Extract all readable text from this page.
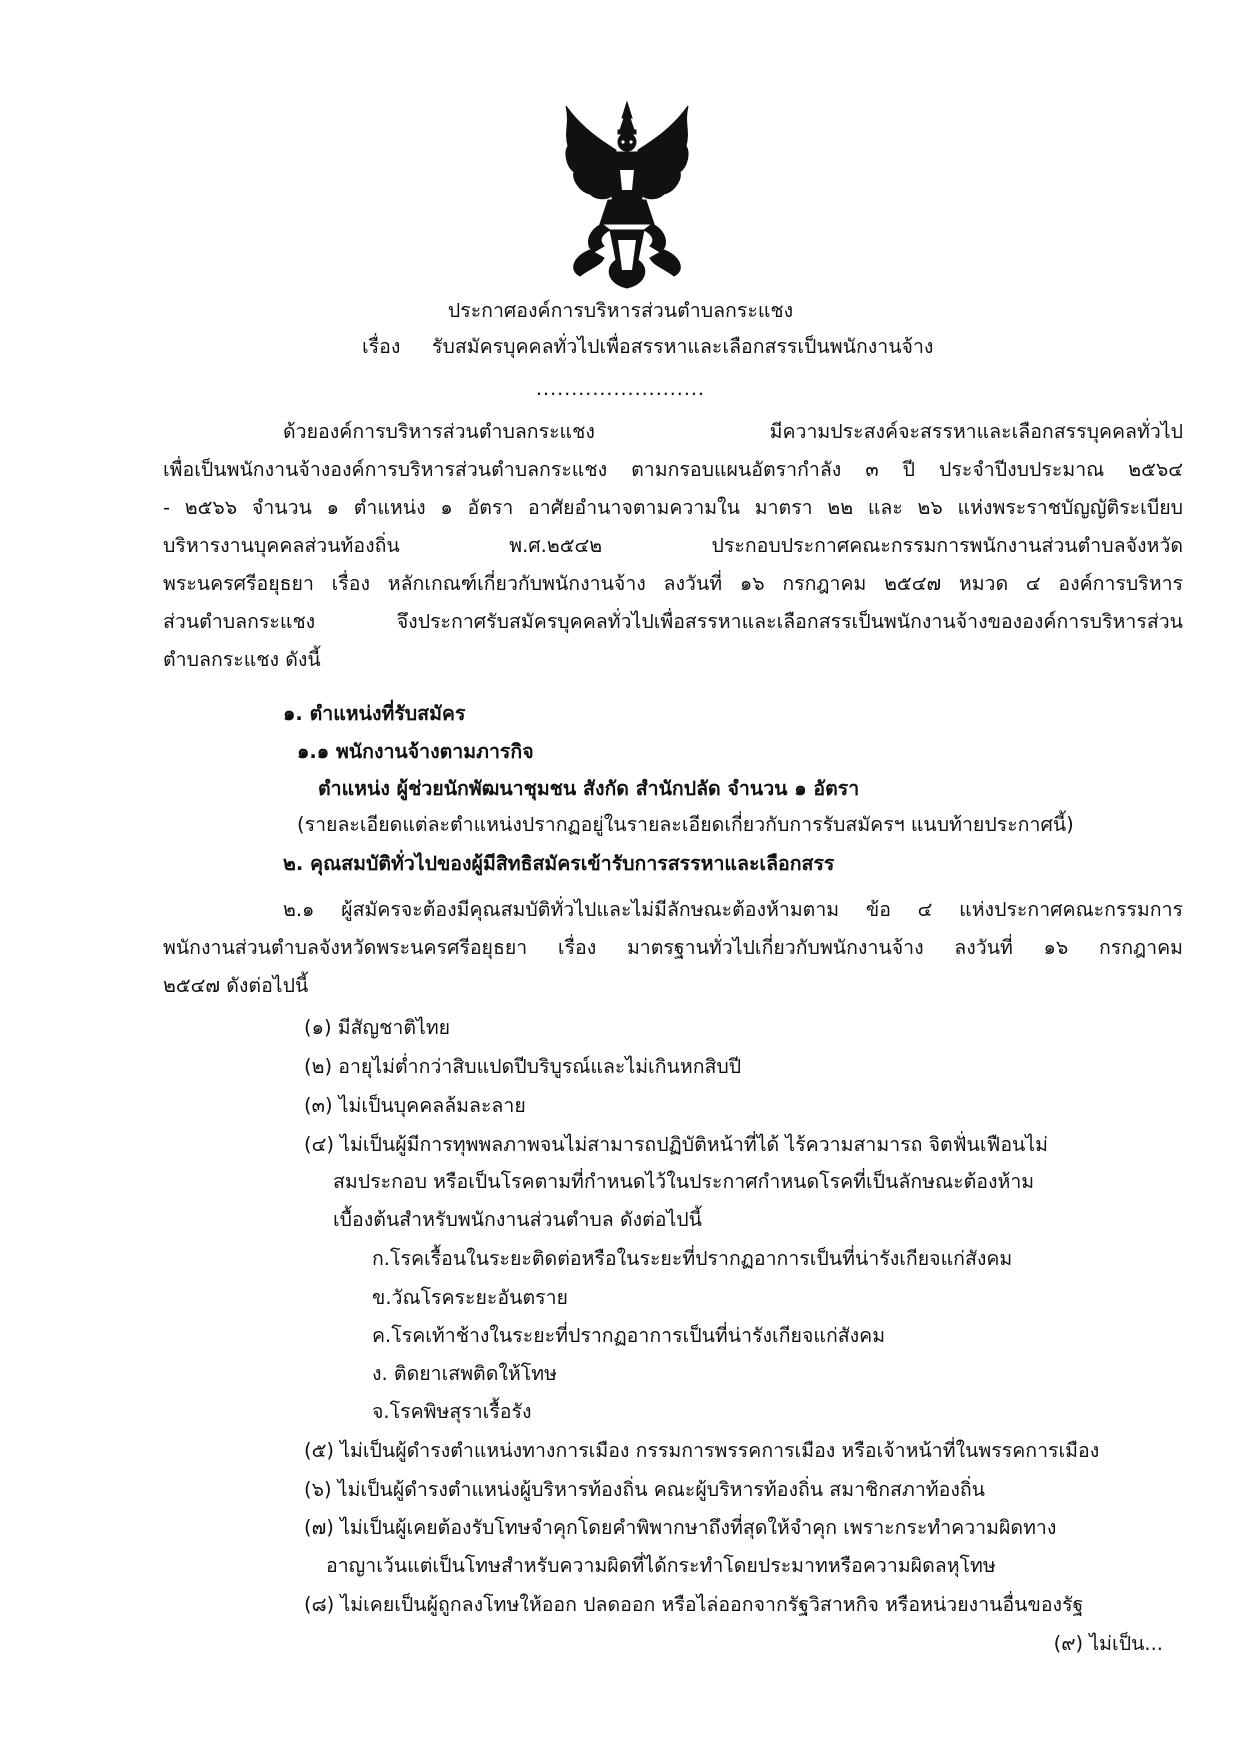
ประกาศองค์การบริหารส่วนตำบลกระแชง
เรื่อง รับสมัครบุคคลทั่วไปเพื่อสรรหาและเลือกสรรเป็นพนักงานจ้าง
........................
ด้วยองค์การบริหารส่วนตำบลกระแชง มีความประสงค์จะสรรหาและเลือกสรรบุคคลทั่วไป
เพื่อเป็นพนักงานจ้างองค์การบริหารส่วนตำบลกระแชง ตามกรอบแผนอัตรากำลัง ๓ ปี ประจำปีงบประมาณ ๒๕๖๔
- ๒๕๖๖ จำนวน ๑ ตำแหน่ง ๑ อัตรา อาศัยอำนาจตามความใน มาตรา ๒๒ และ ๒๖ แห่งพระราชบัญญัติระเบียบ
บริหารงานบุคคลส่วนท้องถิ่น พ.ศ.๒๕๔๒ ประกอบประกาศคณะกรรมการพนักงานส่วนตำบลจังหวัด
พระนครศรีอยุธยา เรื่อง หลักเกณฑ์เกี่ยวกับพนักงานจ้าง ลงวันที่ ๑๖ กรกฎาคม ๒๕๔๗ หมวด ๔ องค์การบริหาร
ส่วนตำบลกระแชง จึงประกาศรับสมัครบุคคลทั่วไปเพื่อสรรหาและเลือกสรรเป็นพนักงานจ้างขององค์การบริหารส่วน
ตำบลกระแชง ดังนี้
๑. ตำแหน่งที่รับสมัคร
๑.๑ พนักงานจ้างตามภารกิจ
ตำแหน่ง ผู้ช่วยนักพัฒนาชุมชน สังกัด สำนักปลัด จำนวน ๑ อัตรา
(รายละเอียดแต่ละตำแหน่งปรากฏอยู่ในรายละเอียดเกี่ยวกับการรับสมัครฯ แนบท้ายประกาศนี้)
๒. คุณสมบัติทั่วไปของผู้มีสิทธิสมัครเข้ารับการสรรหาและเลือกสรร
๒.๑ ผู้สมัครจะต้องมีคุณสมบัติทั่วไปและไม่มีลักษณะต้องห้ามตาม ข้อ ๔ แห่งประกาศคณะกรรมการ
พนักงานส่วนตำบลจังหวัดพระนครศรีอยุธยา เรื่อง มาตรฐานทั่วไปเกี่ยวกับพนักงานจ้าง ลงวันที่ ๑๖ กรกฎาคม
๒๕๔๗ ดังต่อไปนี้
(๑) มีสัญชาติไทย
(๒) อายุไม่ต่ำกว่าสิบแปดปีบริบูรณ์และไม่เกินหกสิบปี
(๓) ไม่เป็นบุคคลล้มละลาย
(๔) ไม่เป็นผู้มีการทุพพลภาพจนไม่สามารถปฏิบัติหน้าที่ได้ ไร้ความสามารถ จิตฟั่นเฟือนไม่
สมประกอบ หรือเป็นโรคตามที่กำหนดไว้ในประกาศกำหนดโรคที่เป็นลักษณะต้องห้าม
เบื้องต้นสำหรับพนักงานส่วนตำบล ดังต่อไปนี้
ก.โรคเรื้อนในระยะติดต่อหรือในระยะที่ปรากฏอาการเป็นที่น่ารังเกียจแก่สังคม
ข.วัณโรคระยะอันตราย
ค.โรคเท้าช้างในระยะที่ปรากฏอาการเป็นที่น่ารังเกียจแก่สังคม
ง. ติดยาเสพติดให้โทษ
จ.โรคพิษสุราเรื้อรัง
(๕) ไม่เป็นผู้ดำรงตำแหน่งทางการเมือง กรรมการพรรคการเมือง หรือเจ้าหน้าที่ในพรรคการเมือง
(๖) ไม่เป็นผู้ดำรงตำแหน่งผู้บริหารท้องถิ่น คณะผู้บริหารท้องถิ่น สมาชิกสภาท้องถิ่น
(๗) ไม่เป็นผู้เคยต้องรับโทษจำคุกโดยคำพิพากษาถึงที่สุดให้จำคุก เพราะกระทำความผิดทาง
อาญาเว้นแต่เป็นโทษสำหรับความผิดที่ได้กระทำโดยประมาทหรือความผิดลหุโทษ
(๘) ไม่เคยเป็นผู้ถูกลงโทษให้ออก ปลดออก หรือไล่ออกจากรัฐวิสาหกิจ หรือหน่วยงานอื่นของรัฐ
(๙) ไม่เป็น...
